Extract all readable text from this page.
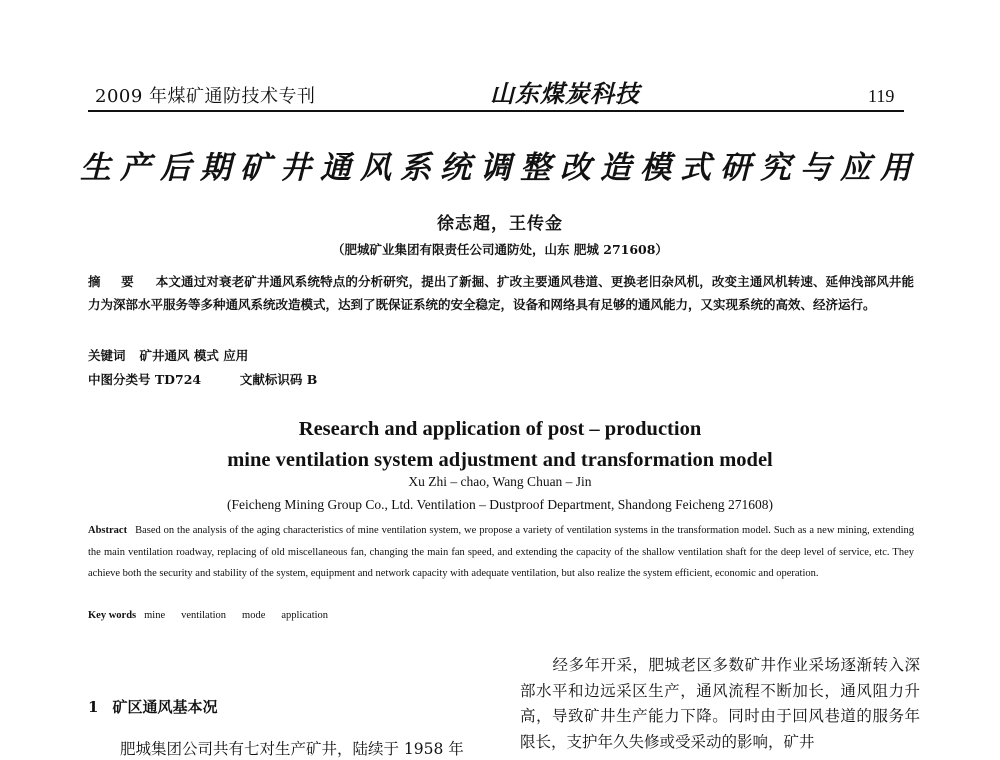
2009 年煤矿通防技术专刊	山东煤炭科技	119
生产后期矿井通风系统调整改造模式研究与应用
徐志超，王传金
（肥城矿业集团有限责任公司通防处，山东 肥城 271608）
摘 要 本文通过对衰老矿井通风系统特点的分析研究，提出了新掘、扩改主要通风巷道、更换老旧杂风机，改变主通风机转速、延伸浅部风井能力为深部水平服务等多种通风系统改造模式，达到了既保证系统的安全稳定，设备和网络具有足够的通风能力，又实现系统的高效、经济运行。
关键词 矿井通风 模式 应用
中图分类号 TD724	文献标识码 B
Research and application of post – production
mine ventilation system adjustment and transformation model
Xu Zhi – chao, Wang Chuan – Jin
(Feicheng Mining Group Co., Ltd. Ventilation – Dustproof Department, Shandong Feicheng 271608)
Abstract Based on the analysis of the aging characteristics of mine ventilation system, we propose a variety of ventilation systems in the transformation model. Such as a new mining, extending the main ventilation roadway, replacing of old miscellaneous fan, changing the main fan speed, and extending the capacity of the shallow ventilation shaft for the deep level of service, etc. They achieve both the security and stability of the system, equipment and network capacity with adequate ventilation, but also realize the system efficient, economic and operation.
Key words mine ventilation mode application
1 矿区通风基本况
肥城集团公司共有七对生产矿井，陆续于 1958 年
经多年开采，肥城老区多数矿井作业采场逐渐转入深部水平和边远采区生产，通风流程不断加长，通风阻力升高，导致矿井生产能力下降。同时由于回风巷道的服务年限长，支护年久失修或受采动的影响，矿井
